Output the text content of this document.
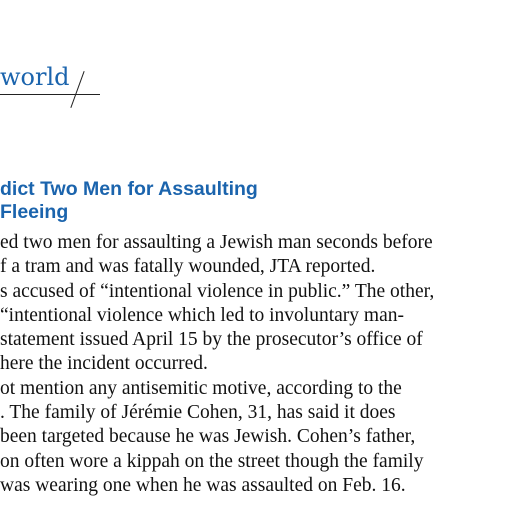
world
dict Two Men for Assaulting
Fleeing
ed two men for assaulting a Jewish man seconds before
f a tram and was fatally wounded, JTA reported.
s accused of “intentional violence in public.” The other,
“intentional violence which led to involuntary man-
statement issued April 15 by the prosecutor’s office of
here the incident occurred.
ot mention any antisemitic motive, according to the
. The family of Jérémie Cohen, 31, has said it does
been targeted because he was Jewish. Cohen’s father,
on often wore a kippah on the street though the family
was wearing one when he was assaulted on Feb. 16.
